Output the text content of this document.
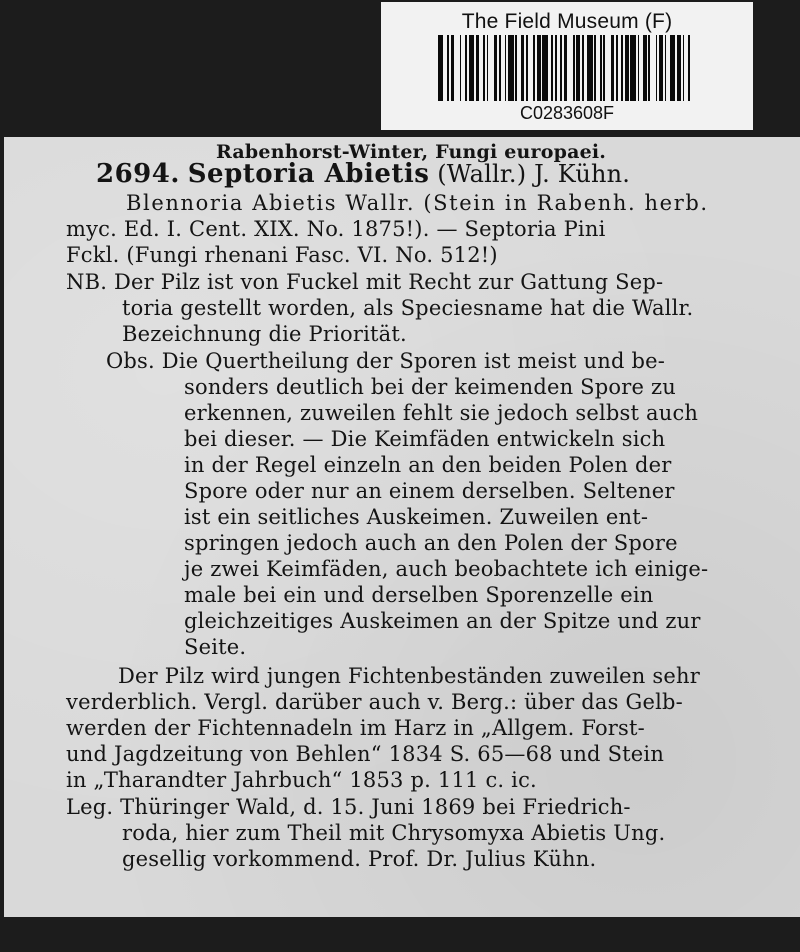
The Field Museum (F)
C0283608F
Rabenhorst-Winter, Fungi europaei.
2694. Septoria Abietis (Wallr.) J. Kühn.
Blennoria Abietis Wallr. (Stein in Rabenh. herb.
myc. Ed. I. Cent. XIX. No. 1875!). — Septoria Pini
Fckl. (Fungi rhenani Fasc. VI. No. 512!)
NB. Der Pilz ist von Fuckel mit Recht zur Gattung Sep-
toria gestellt worden, als Speciesname hat die Wallr.
Bezeichnung die Priorität.
Obs. Die Quertheilung der Sporen ist meist und be-
sonders deutlich bei der keimenden Spore zu
erkennen, zuweilen fehlt sie jedoch selbst auch
bei dieser. — Die Keimfäden entwickeln sich
in der Regel einzeln an den beiden Polen der
Spore oder nur an einem derselben. Seltener
ist ein seitliches Auskeimen. Zuweilen ent-
springen jedoch auch an den Polen der Spore
je zwei Keimfäden, auch beobachtete ich einige-
male bei ein und derselben Sporenzelle ein
gleichzeitiges Auskeimen an der Spitze und zur
Seite.
Der Pilz wird jungen Fichtenbeständen zuweilen sehr
verderblich. Vergl. darüber auch v. Berg.: über das Gelb-
werden der Fichtennadeln im Harz in „Allgem. Forst-
und Jagdzeitung von Behlen“ 1834 S. 65—68 und Stein
in „Tharandter Jahrbuch“ 1853 p. 111 c. ic.
Leg. Thüringer Wald, d. 15. Juni 1869 bei Friedrich-
roda, hier zum Theil mit Chrysomyxa Abietis Ung.
gesellig vorkommend. Prof. Dr. Julius Kühn.
